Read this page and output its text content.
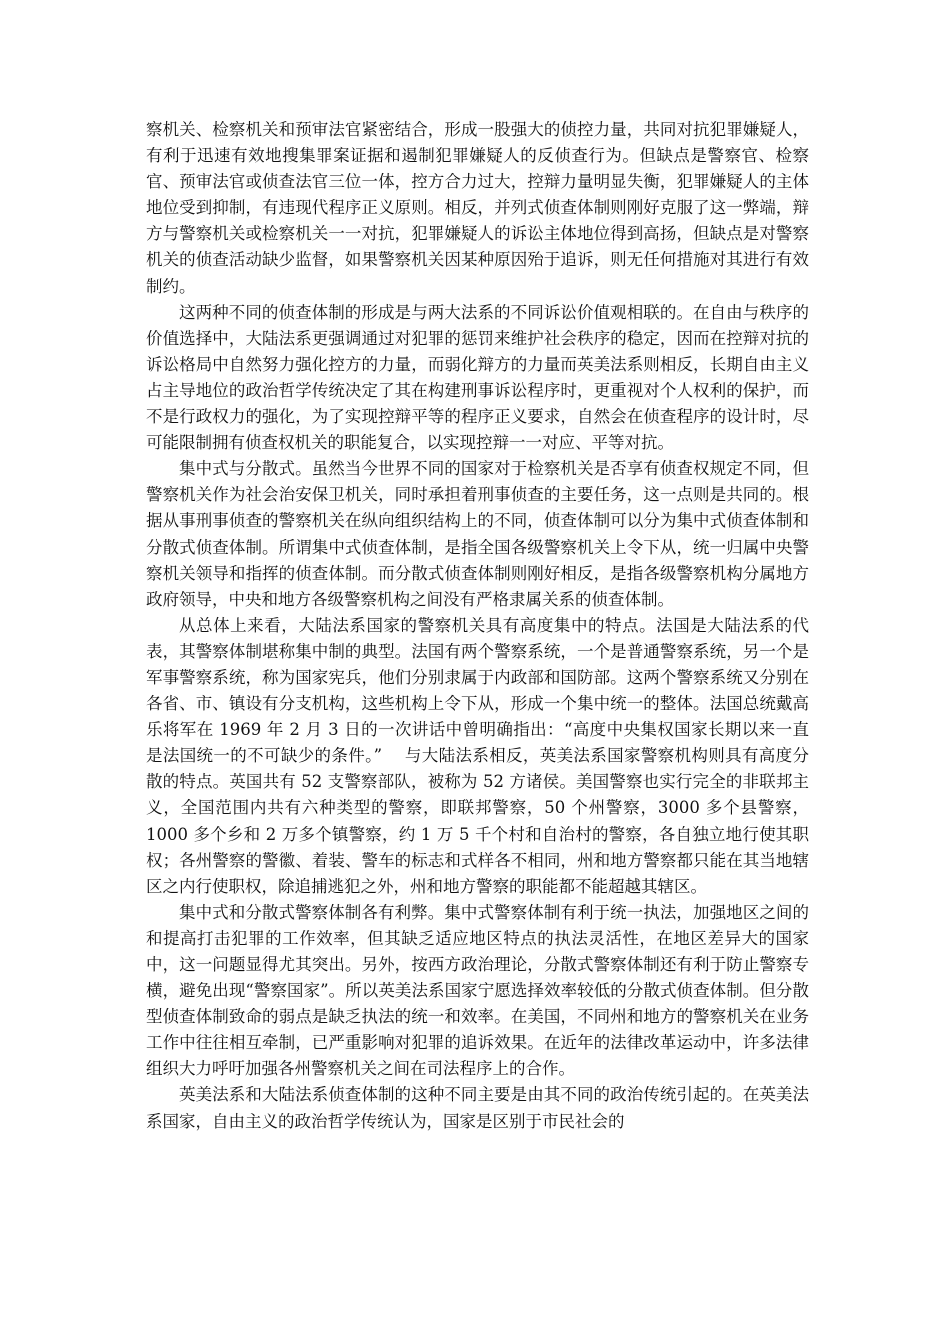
察机关、检察机关和预审法官紧密结合，形成一股强大的侦控力量，共同对抗犯罪嫌疑人，有利于迅速有效地搜集罪案证据和遏制犯罪嫌疑人的反侦查行为。但缺点是警察官、检察官、预审法官或侦查法官三位一体，控方合力过大，控辩力量明显失衡，犯罪嫌疑人的主体地位受到抑制，有违现代程序正义原则。相反，并列式侦查体制则刚好克服了这一弊端，辩方与警察机关或检察机关一一对抗，犯罪嫌疑人的诉讼主体地位得到高扬，但缺点是对警察机关的侦查活动缺少监督，如果警察机关因某种原因殆于追诉，则无任何措施对其进行有效制约。

这两种不同的侦查体制的形成是与两大法系的不同诉讼价值观相联的。在自由与秩序的价值选择中，大陆法系更强调通过对犯罪的惩罚来维护社会秩序的稳定，因而在控辩对抗的诉讼格局中自然努力强化控方的力量，而弱化辩方的力量而英美法系则相反，长期自由主义占主导地位的政治哲学传统决定了其在构建刑事诉讼程序时，更重视对个人权利的保护，而不是行政权力的强化，为了实现控辩平等的程序正义要求，自然会在侦查程序的设计时，尽可能限制拥有侦查权机关的职能复合，以实现控辩一一对应、平等对抗。

集中式与分散式。虽然当今世界不同的国家对于检察机关是否享有侦查权规定不同，但警察机关作为社会治安保卫机关，同时承担着刑事侦查的主要任务，这一点则是共同的。根据从事刑事侦查的警察机关在纵向组织结构上的不同，侦查体制可以分为集中式侦查体制和分散式侦查体制。所谓集中式侦查体制，是指全国各级警察机关上令下从，统一归属中央警察机关领导和指挥的侦查体制。而分散式侦查体制则刚好相反，是指各级警察机构分属地方政府领导，中央和地方各级警察机构之间没有严格隶属关系的侦查体制。

从总体上来看，大陆法系国家的警察机关具有高度集中的特点。法国是大陆法系的代表，其警察体制堪称集中制的典型。法国有两个警察系统，一个是普通警察系统，另一个是军事警察系统，称为国家宪兵，他们分别隶属于内政部和国防部。这两个警察系统又分别在各省、市、镇设有分支机构，这些机构上令下从，形成一个集中统一的整体。法国总统戴高乐将军在 1969 年 2 月 3 日的一次讲话中曾明确指出：“高度中央集权国家长期以来一直是法国统一的不可缺少的条件。”　 与大陆法系相反，英美法系国家警察机构则具有高度分散的特点。英国共有 52 支警察部队，被称为 52 方诸侯。美国警察也实行完全的非联邦主义，全国范围内共有六种类型的警察，即联邦警察，50 个州警察，3000 多个县警察，1000 多个乡和 2 万多个镇警察，约 1 万 5 千个村和自治村的警察，各自独立地行使其职权；各州警察的警徽、着装、警车的标志和式样各不相同，州和地方警察都只能在其当地辖区之内行使职权，除追捕逃犯之外，州和地方警察的职能都不能超越其辖区。

集中式和分散式警察体制各有利弊。集中式警察体制有利于统一执法，加强地区之间的和提高打击犯罪的工作效率，但其缺乏适应地区特点的执法灵活性，在地区差异大的国家中，这一问题显得尤其突出。另外，按西方政治理论，分散式警察体制还有利于防止警察专横，避免出现“警察国家”。所以英美法系国家宁愿选择效率较低的分散式侦查体制。但分散型侦查体制致命的弱点是缺乏执法的统一和效率。在美国，不同州和地方的警察机关在业务工作中往往相互牵制，已严重影响对犯罪的追诉效果。在近年的法律改革运动中，许多法律组织大力呼吁加强各州警察机关之间在司法程序上的合作。

英美法系和大陆法系侦查体制的这种不同主要是由其不同的政治传统引起的。在英美法系国家，自由主义的政治哲学传统认为，国家是区别于市民社会的
